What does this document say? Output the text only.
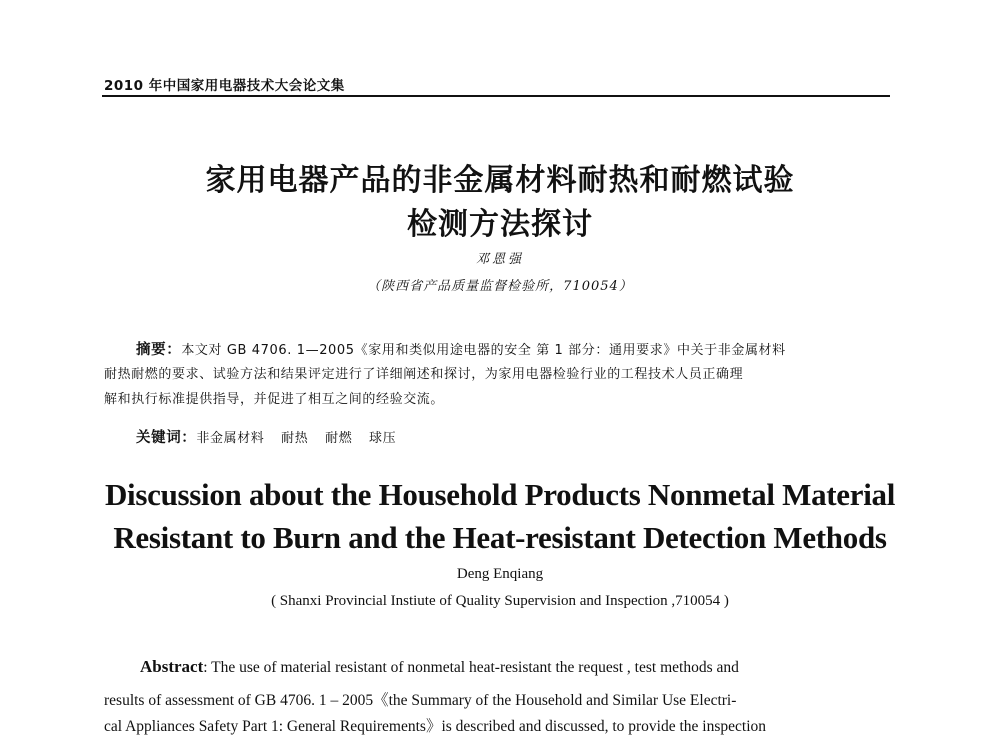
2010 年中国家用电器技术大会论文集
家用电器产品的非金属材料耐热和耐燃试验
检测方法探讨
邓恩强
（陕西省产品质量监督检验所，710054）
摘要：本文对 GB 4706. 1—2005《家用和类似用途电器的安全 第 1 部分：通用要求》中关于非金属材料
耐热耐燃的要求、试验方法和结果评定进行了详细阐述和探讨，为家用电器检验行业的工程技术人员正确理
解和执行标准提供指导，并促进了相互之间的经验交流。
关键词：非金属材料 耐热 耐燃 球压
Discussion about the Household Products Nonmetal Material
Resistant to Burn and the Heat-resistant Detection Methods
Deng Enqiang
( Shanxi Provincial Instiute of Quality Supervision and Inspection ,710054 )
Abstract: The use of material resistant of nonmetal heat-resistant the request , test methods and
results of assessment of GB 4706. 1 – 2005《the Summary of the Household and Similar Use Electri-
cal Appliances Safety Part 1: General Requirements》is described and discussed, to provide the inspection
